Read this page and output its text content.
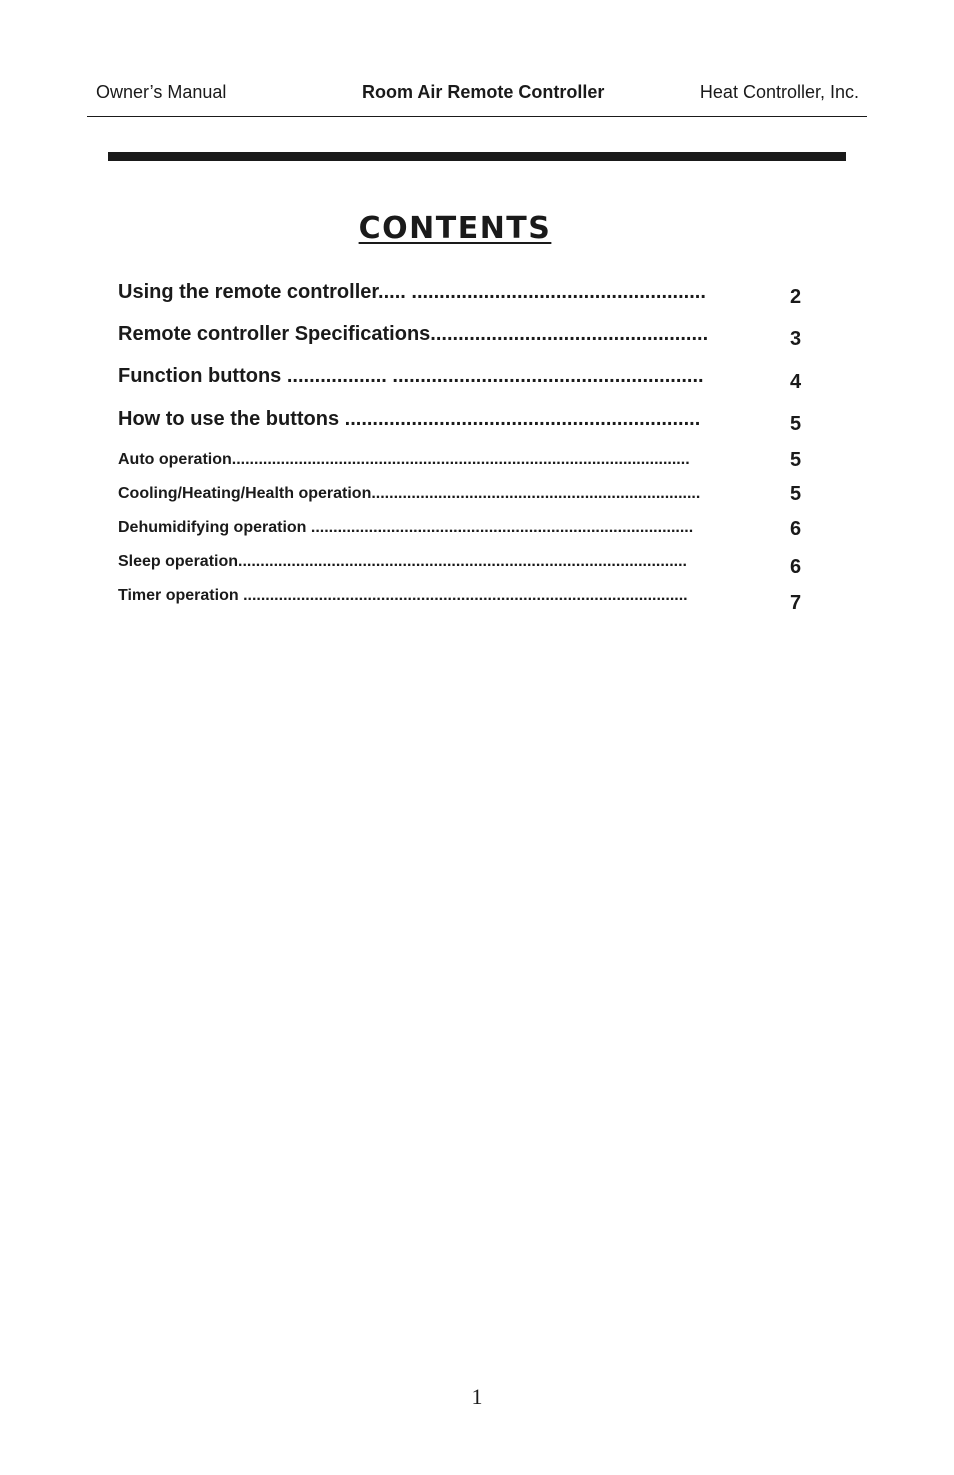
Owner’s Manual	Room Air Remote Controller	Heat Controller, Inc.
CONTENTS
Using the remote controller..... .....................................................	2
Remote controller Specifications..................................................	3
Function buttons .................. ........................................................	4
How to use the buttons ................................................................	5
Auto operation.......................................................................................................	5
Cooling/Heating/Health operation..........................................................................	5
Dehumidifying operation ......................................................................................	6
Sleep operation.....................................................................................................	6
Timer operation ....................................................................................................	7
1
